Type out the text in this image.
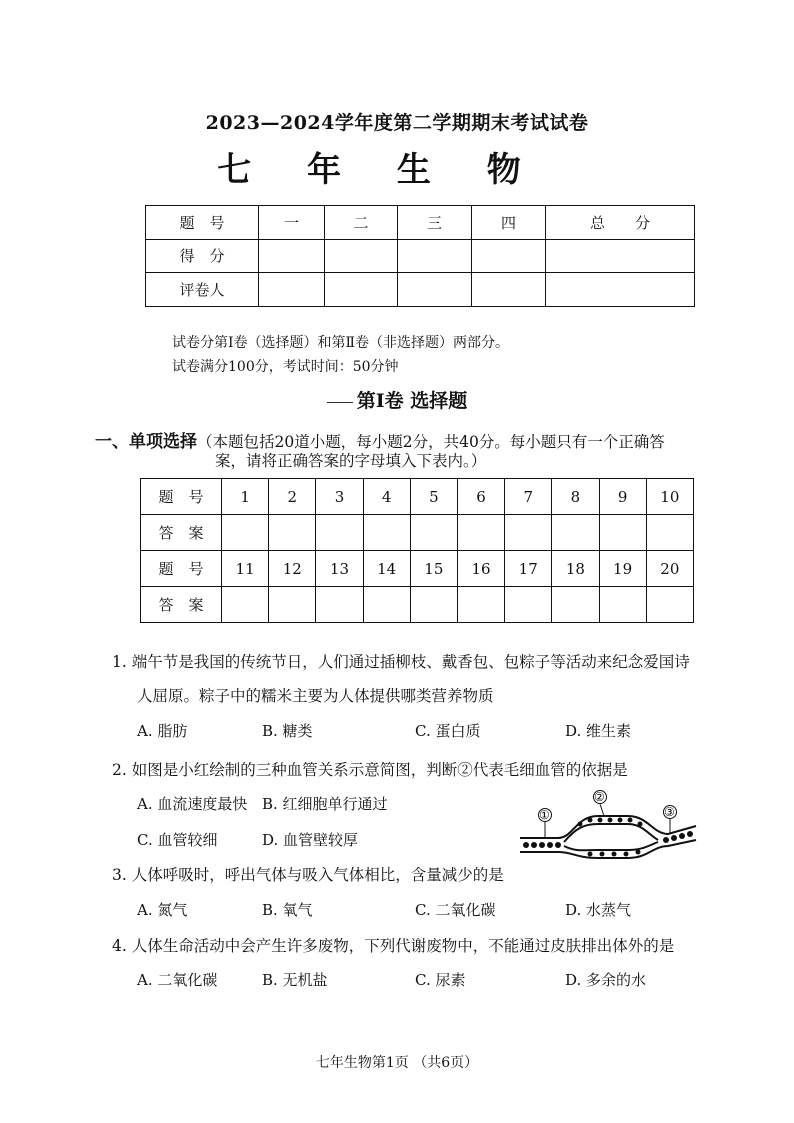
2023—2024学年度第二学期期末考试试卷
七 年 生 物
题　号	一	二	三	四	总　　分
得　分					
评卷人					
试卷分第Ⅰ卷（选择题）和第Ⅱ卷（非选择题）两部分。
试卷满分100分，考试时间：50分钟
第Ⅰ卷 选择题
一、单项选择（本题包括20道小题，每小题2分，共40分。每小题只有一个正确答
案，请将正确答案的字母填入下表内。）
题　号	1	2	3	4	5	6	7	8	9	10
答　案										
题　号	11	12	13	14	15	16	17	18	19	20
答　案										
1. 端午节是我国的传统节日，人们通过插柳枝、戴香包、包粽子等活动来纪念爱国诗
人屈原。粽子中的糯米主要为人体提供哪类营养物质
A. 脂肪	B. 糖类	C. 蛋白质	D. 维生素
2. 如图是小红绘制的三种血管关系示意简图，判断②代表毛细血管的依据是
A. 血流速度最快 B. 红细胞单行通过
C. 血管较细	D. 血管壁较厚
①
②
③
3. 人体呼吸时，呼出气体与吸入气体相比，含量减少的是
A. 氮气	B. 氧气	C. 二氧化碳	D. 水蒸气
4. 人体生命活动中会产生许多废物，下列代谢废物中，不能通过皮肤排出体外的是
A. 二氧化碳	B. 无机盐	C. 尿素	D. 多余的水
七年生物第1页 （共6页）
